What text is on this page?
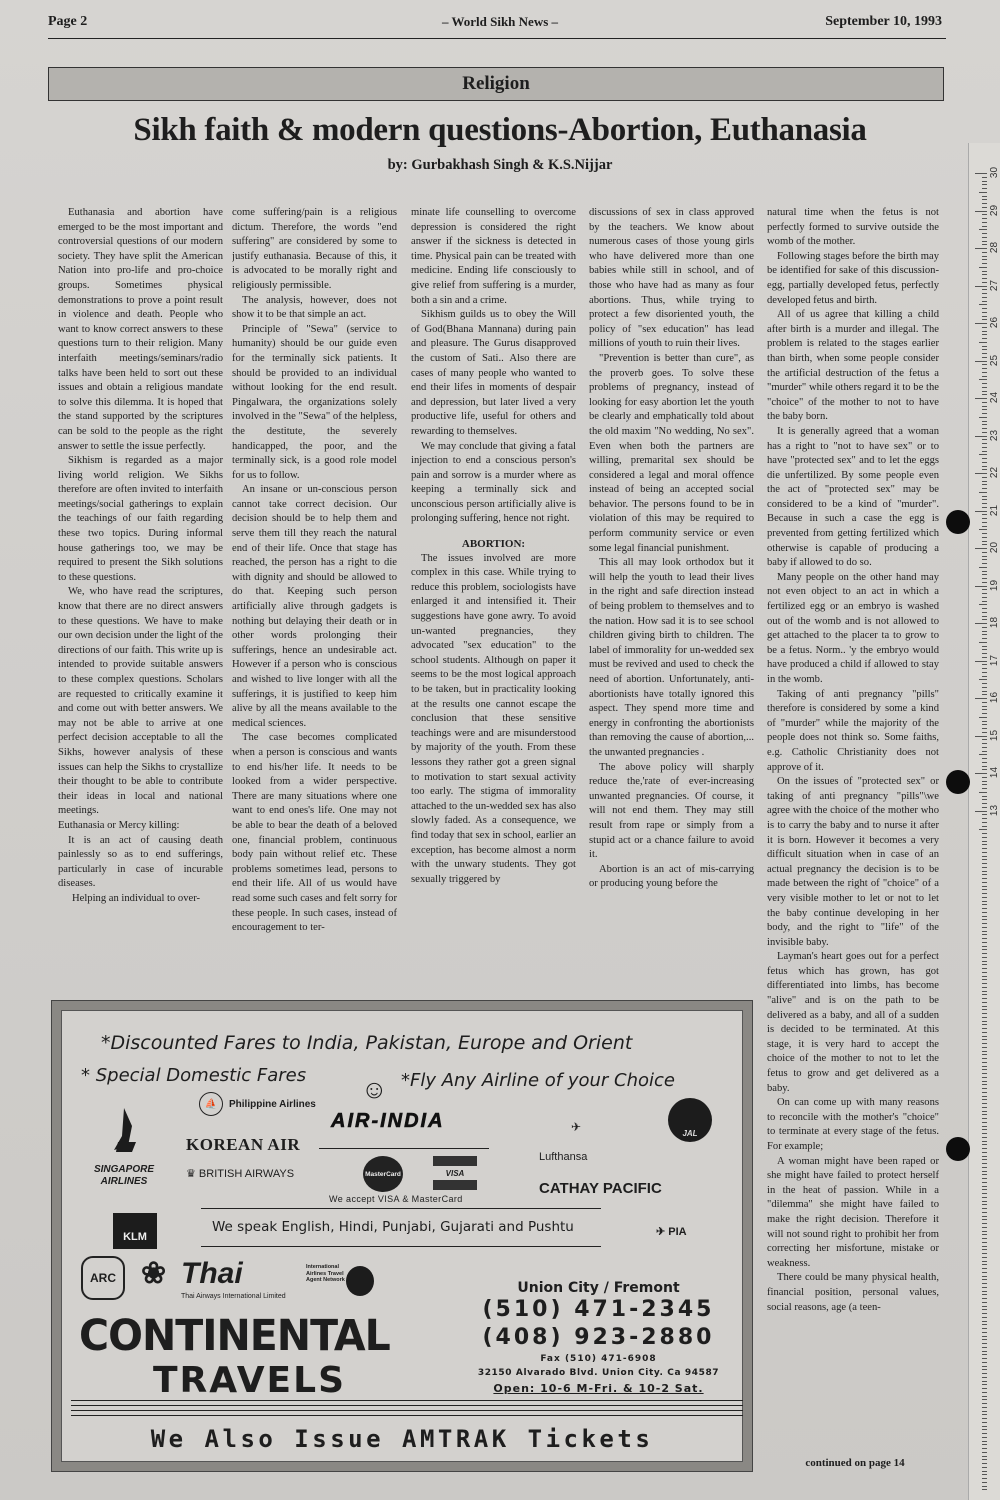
Page 2	– World Sikh News –	September 10, 1993
Religion
Sikh faith & modern questions-Abortion, Euthanasia
by: Gurbakhash Singh & K.S.Nijjar

Euthanasia and abortion have emerged to be the most important and controversial questions of our modern society. They have split the American Nation into pro-life and pro-choice groups. Sometimes physical demonstrations to prove a point result in violence and death. People who want to know correct answers to these questions turn to their religion. Many interfaith meetings/seminars/radio talks have been held to sort out these issues and obtain a religious mandate to solve this dilemma. It is hoped that the stand supported by the scriptures can be sold to the people as the right answer to settle the issue perfectly.

Sikhism is regarded as a major living world religion. We Sikhs therefore are often invited to interfaith meetings/social gatherings to explain the teachings of our faith regarding these two topics. During informal house gatherings too, we may be required to present the Sikh solutions to these questions.

We, who have read the scriptures, know that there are no direct answers to these questions. We have to make our own decision under the light of the directions of our faith. This write up is intended to provide suitable answers to these complex questions. Scholars are requested to critically examine it and come out with better answers. We may not be able to arrive at one perfect decision acceptable to all the Sikhs, however analysis of these issues can help the Sikhs to crystallize their thought to be able to contribute their ideas in local and national meetings.

Euthanasia or Mercy killing:

It is an act of causing death painlessly so as to end sufferings, particularly in case of incurable diseases.

Helping an individual to over-

come suffering/pain is a religious dictum. Therefore, the words "end suffering" are considered by some to justify euthanasia. Because of this, it is advocated to be morally right and religiously permissible.

The analysis, however, does not show it to be that simple an act.

Principle of "Sewa" (service to humanity) should be our guide even for the terminally sick patients. It should be provided to an individual without looking for the end result. Pingalwara, the organizations solely involved in the "Sewa" of the helpless, the destitute, the severely handicapped, the poor, and the terminally sick, is a good role model for us to follow.

An insane or un-conscious person cannot take correct decision. Our decision should be to help them and serve them till they reach the natural end of their life. Once that stage has reached, the person has a right to die with dignity and should be allowed to do that. Keeping such person artificially alive through gadgets is nothing but delaying their death or in other words prolonging their sufferings, hence an undesirable act. However if a person who is conscious and wished to live longer with all the sufferings, it is justified to keep him alive by all the means available to the medical sciences.

The case becomes complicated when a person is conscious and wants to end his/her life. It needs to be looked from a wider perspective. There are many situations where one want to end ones's life. One may not be able to bear the death of a beloved one, financial problem, continuous body pain without relief etc. These problems sometimes lead, persons to end their life. All of us would have read some such cases and felt sorry for these people. In such cases, instead of encouragement to ter-

minate life counselling to overcome depression is considered the right answer if the sickness is detected in time. Physical pain can be treated with medicine. Ending life consciously to give relief from suffering is a murder, both a sin and a crime.

Sikhism guilds us to obey the Will of God(Bhana Mannana) during pain and pleasure. The Gurus disapproved the custom of Sati.. Also there are cases of many people who wanted to end their lifes in moments of despair and depression, but later lived a very productive life, useful for others and rewarding to themselves.

We may conclude that giving a fatal injection to end a conscious person's pain and sorrow is a murder where as keeping a terminally sick and unconscious person artificially alive is prolonging suffering, hence not right.

ABORTION:

The issues involved are more complex in this case. While trying to reduce this problem, sociologists have enlarged it and intensified it. Their suggestions have gone awry. To avoid un-wanted pregnancies, they advocated "sex education" to the school students. Although on paper it seems to be the most logical approach to be taken, but in practicality looking at the results one cannot escape the conclusion that these sensitive teachings were and are misunderstood by majority of the youth. From these lessons they rather got a green signal to motivation to start sexual activity too early. The stigma of immorality attached to the un-wedded sex has also slowly faded. As a consequence, we find today that sex in school, earlier an exception, has become almost a norm with the unwary students. They got sexually triggered by

discussions of sex in class approved by the teachers. We know about numerous cases of those young girls who have delivered more than one babies while still in school, and of those who have had as many as four abortions. Thus, while trying to protect a few disoriented youth, the policy of "sex education" has lead millions of youth to ruin their lives.

"Prevention is better than cure", as the proverb goes. To solve these problems of pregnancy, instead of looking for easy abortion let the youth be clearly and emphatically told about the old maxim "No wedding, No sex". Even when both the partners are willing, premarital sex should be considered a legal and moral offence instead of being an accepted social behavior. The persons found to be in violation of this may be required to perform community service or even some legal financial punishment.

This all may look orthodox but it will help the youth to lead their lives in the right and safe direction instead of being problem to themselves and to the nation. How sad it is to see school children giving birth to children. The label of immorality for un-wedded sex must be revived and used to check the need of abortion. Unfortunately, anti-abortionists have totally ignored this aspect. They spend more time and energy in confronting the abortionists than removing the cause of abortion,... the unwanted pregnancies .

The above policy will sharply reduce the,'rate of ever-increasing unwanted pregnancies. Of course, it will not end them. They may still result from rape or simply from a stupid act or a chance failure to avoid it.

Abortion is an act of mis-carrying or producing young before the

natural time when the fetus is not perfectly formed to survive outside the womb of the mother.

Following stages before the birth may be identified for sake of this discussion-egg, partially developed fetus, perfectly developed fetus and birth.

All of us agree that killing a child after birth is a murder and illegal. The problem is related to the stages earlier than birth, when some people consider the artificial destruction of the fetus a "murder" while others regard it to be the "choice" of the mother to not to have the baby born.

It is generally agreed that a woman has a right to "not to have sex" or to have "protected sex" and to let the eggs die unfertilized. By some people even the act of "protected sex" may be considered to be a kind of "murder". Because in such a case the egg is prevented from getting fertilized which otherwise is capable of producing a baby if allowed to do so.

Many people on the other hand may not even object to an act in which a fertilized egg or an embryo is washed out of the womb and is not allowed to get attached to the placer ta to grow to be a fetus. Norm.. 'y the embryo would have produced a child if allowed to stay in the womb.

Taking of anti pregnancy "pills" therefore is considered by some a kind of "murder" while the majority of the people does not think so. Some faiths, e.g. Catholic Christianity does not approve of it.

On the issues of "protected sex" or taking of anti pregnancy "pills"\we agree with the choice of the mother who is to carry the baby and to nurse it after it is born. However it becomes a very difficult situation when in case of an actual pregnancy the decision is to be made between the right of "choice" of a very visible mother to let or not to let the baby continue developing in her body, and the right to "life" of the invisible baby.

Layman's heart goes out for a perfect fetus which has grown, has got differentiated into limbs, has become "alive" and is on the path to be delivered as a baby, and all of a sudden is decided to be terminated. At this stage, it is very hard to accept the choice of the mother to not to let the fetus to grow and get delivered as a baby.

On can come up with many reasons to reconcile with the mother's "choice" to terminate at every stage of the fetus. For example;

A woman might have been raped or she might have failed to protect herself in the heat of passion. While in a "dilemma" she might have failed to make the right decision. Therefore it will not sound right to prohibit her from correcting her misfortune, mistake or weakness.

There could be many physical health, financial position, personal values, social reasons, age (a teen-

continued on page 14
*Discounted Fares to India, Pakistan, Europe and Orient
* Special Domestic Fares ☺ *Fly Any Airline of your Choice
SINGAPORE AIRLINES
⛵	Philippine Airlines
KOREAN AIR
♛ BRITISH AIRWAYS
AIR-INDIA
MasterCard	VISA
We accept VISA & MasterCard
✈
Lufthansa
CATHAY PACIFIC
JAL
KLM
We speak English, Hindi, Punjabi, Gujarati and Pushtu	✈ PIA
ARC ❀ Thai
Thai Airways International Limited
International Airlines Travel Agent Network
CONTINENTAL
TRAVELS
Union City / Fremont
(510) 471-2345
(408) 923-2880
Fax (510) 471-6908
32150 Alvarado Blvd. Union City. Ca 94587
Open: 10-6 M-Fri. & 10-2 Sat.
We Also Issue AMTRAK Tickets
30
29
28
27
26
25
24
23
22
21
20
19
18
17
16
15
14
13
